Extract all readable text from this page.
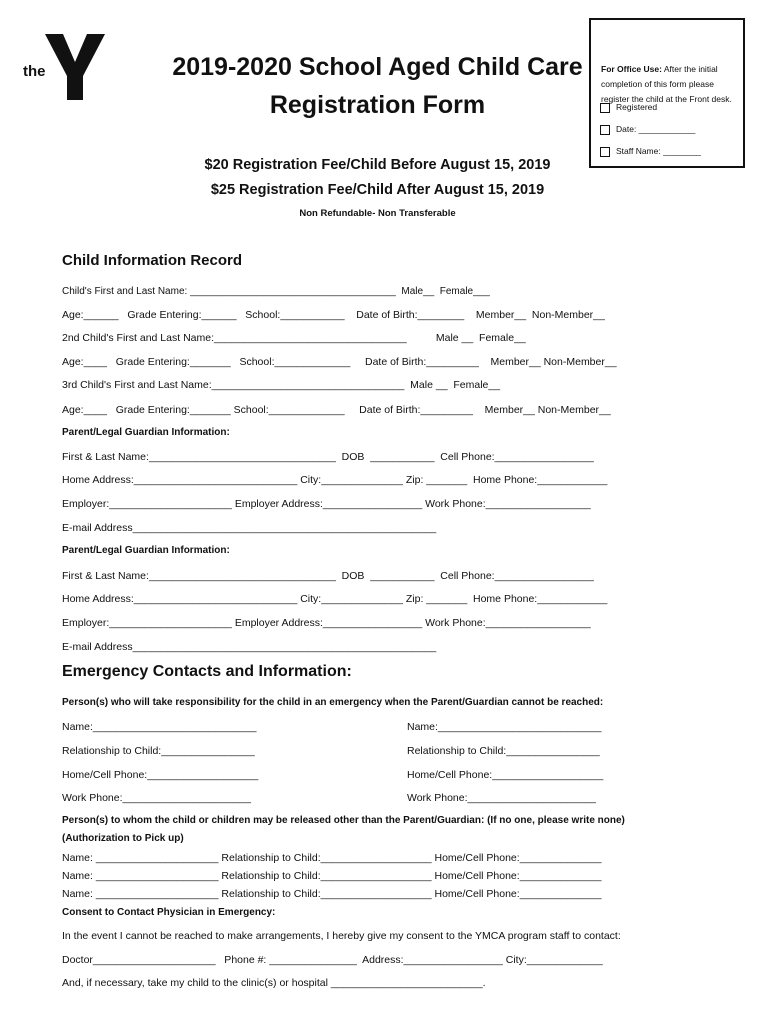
the
YMCA

2019-2020 School Aged Child Care
Registration Form
$20 Registration Fee/Child Before August 15, 2019
$25 Registration Fee/Child After August 15, 2019
Non Refundable- Non Transferable

For Office Use: After the initial completion of this form please register the child at the Front desk.

Registered

Date: ____________

Staff Name: ________

Child Information Record
Child's First and Last Name: _____________________________________  Male__  Female___
Age:______   Grade Entering:______   School:___________    Date of Birth:________    Member__  Non-Member__
2nd Child's First and Last Name:_________________________________          Male __  Female__
Age:____   Grade Entering:_______   School:_____________     Date of Birth:_________    Member__ Non-Member__
3rd Child's First and Last Name:_________________________________  Male __  Female__
Age:____   Grade Entering:_______ School:_____________     Date of Birth:_________    Member__ Non-Member__
Parent/Legal Guardian Information:
First & Last Name:________________________________  DOB  ___________  Cell Phone:_________________
Home Address:____________________________ City:______________ Zip: _______  Home Phone:____________
Employer:_____________________ Employer Address:_________________ Work Phone:__________________
E-mail Address____________________________________________________
Parent/Legal Guardian Information:
First & Last Name:________________________________  DOB  ___________  Cell Phone:_________________
Home Address:____________________________ City:______________ Zip: _______  Home Phone:____________
Employer:_____________________ Employer Address:_________________ Work Phone:__________________
E-mail Address____________________________________________________
Emergency Contacts and Information:
Person(s) who will take responsibility for the child in an emergency when the Parent/Guardian cannot be reached:
Name:____________________________	Name:____________________________
Relationship to Child:________________	Relationship to Child:________________
Home/Cell Phone:___________________	Home/Cell Phone:___________________
Work Phone:______________________	Work Phone:______________________
Person(s) to whom the child or children may be released other than the Parent/Guardian: (If no one, please write none)
(Authorization to Pick up)
Name: _____________________ Relationship to Child:___________________ Home/Cell Phone:______________
Name: _____________________ Relationship to Child:___________________ Home/Cell Phone:______________
Name: _____________________ Relationship to Child:___________________ Home/Cell Phone:______________
Consent to Contact Physician in Emergency:
In the event I cannot be reached to make arrangements, I hereby give my consent to the YMCA program staff to contact:
Doctor_____________________   Phone #: _______________  Address:_________________ City:_____________
And, if necessary, take my child to the clinic(s) or hospital __________________________.
